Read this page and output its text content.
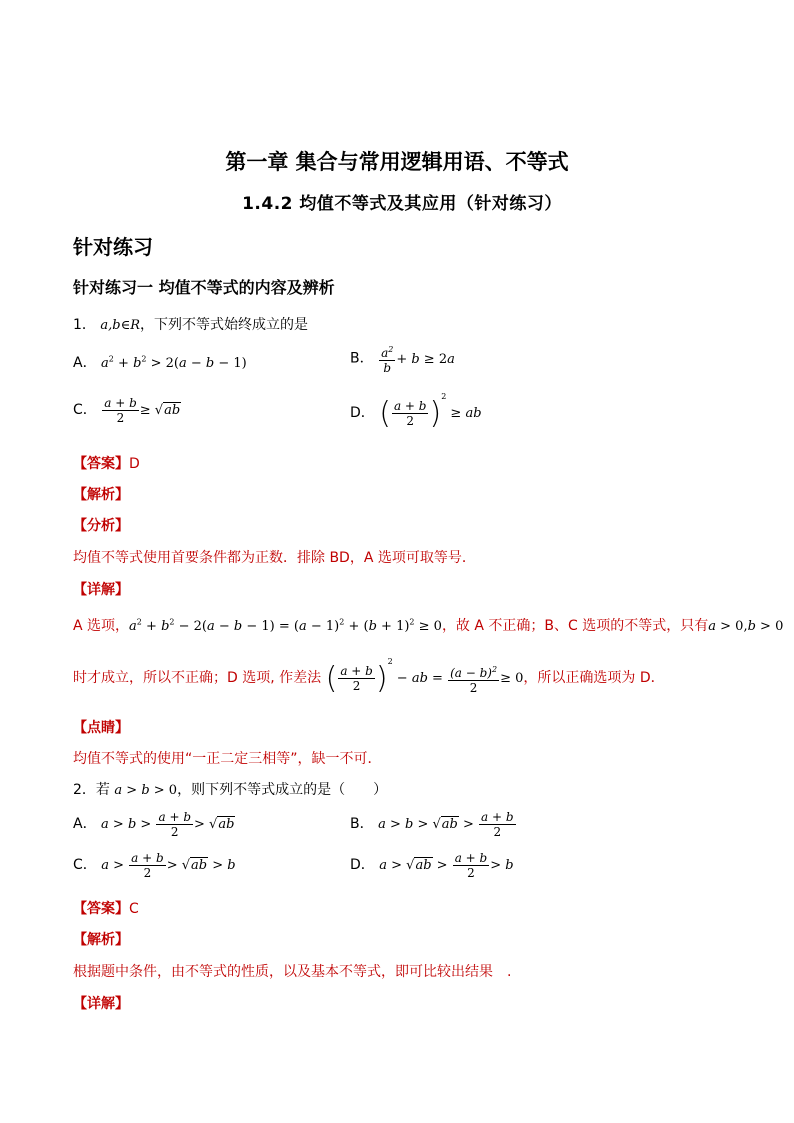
第一章 集合与常用逻辑用语、不等式
1.4.2 均值不等式及其应用（针对练习）
针对练习
针对练习一 均值不等式的内容及辨析
1． a,b∈R，下列不等式始终成立的是
A． $a^2 + b^2 > 2(a - b - 1)$	B． $\frac{a^2}{b} + b \ge 2a$
C． $\frac{a + b}{2} \ge √ab$	D． ( $\frac{a + b}{2} )^2$ ≥ ab
【答案】D
【解析】
【分析】
均值不等式使用首要条件都为正数．排除 BD，A 选项可取等号．
【详解】
A 选项，$a^2 + b^2 - 2(a - b - 1) = (a - 1)^2 + (b + 1)^2 \ge 0$，故 A 不正确；B、C 选项的不等式，只有a > 0,b > 0
时才成立，所以不正确；D 选项, 作差法 ( $\frac{a + b}{2} )^2$ − ab = $\frac{(a - b)^2}{2} \ge 0$，所以正确选项为 D．
【点睛】
均值不等式的使用“一正二定三相等”，缺一不可．
2．若 a > b > 0，则下列不等式成立的是（　　）
A． $a > b > \frac{a + b}{2} > √ab$	B． $a > b > √ab > \frac{a + b}{2}$
C． $a > \frac{a + b}{2} > √ab > b$	D． $a > √ab > \frac{a + b}{2} > b$
【答案】C
【解析】
根据题中条件，由不等式的性质，以及基本不等式，即可比较出结果　.
【详解】
